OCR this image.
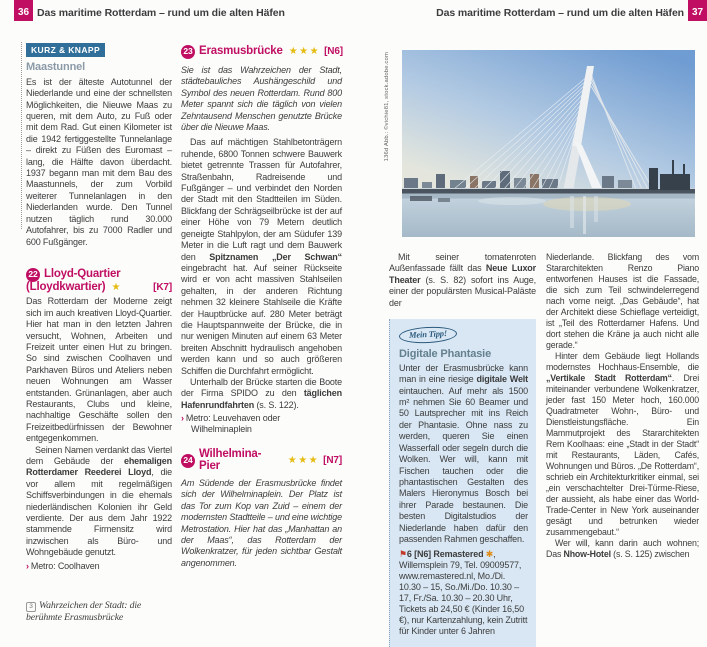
36 Das maritime Rotterdam – rund um die alten Häfen	Das maritime Rotterdam – rund um die alten Häfen 37
KURZ & KNAPP
Maastunnel

Es ist der älteste Autotunnel der Niederlande und eine der schnellsten Möglichkeiten, die Nieuwe Maas zu queren, mit dem Auto, zu Fuß oder mit dem Rad. Gut einen Kilometer ist die 1942 fertiggestellte Tunnelanlage – direkt zu Füßen des Euromast – lang, die Hälfte davon überdacht. 1937 begann man mit dem Bau des Maastunnels, der zum Vorbild weiterer Tunnelanlagen in den Niederlanden wurde. Den Tunnel nutzen täglich rund 30.000 Autofahrer, bis zu 7000 Radler und 600 Fußgänger.

22 Lloyd-Quartier
(Lloydkwartier) ★	[K7]

Das Rotterdam der Moderne zeigt sich im auch kreativen Lloyd-Quartier. Hier hat man in den letzten Jahren versucht, Wohnen, Arbeiten und Freizeit unter einen Hut zu bringen. So sind zwischen Coolhaven und Parkhaven Büros und Ateliers neben neuen Wohnungen am Wasser entstanden. Grünanlagen, aber auch Restaurants, Clubs und kleine, nachhaltige Geschäfte sollen den Freizeitbedürfnissen der Bewohner entgegenkommen.

Seinen Namen verdankt das Viertel dem Gebäude der ehemaligen Rotterdamer Reederei Lloyd, die vor allem mit regelmäßigen Schiffsverbindungen in die ehemals niederländischen Kolonien ihr Geld verdiente. Der aus dem Jahr 1922 stammende Firmensitz wird inzwischen als Büro- und Wohngebäude genutzt.

› Metro: Coolhaven

3 Wahrzeichen der Stadt: die berühmte Erasmusbrücke
23 Erasmusbrücke ★★★ [N6]

Sie ist das Wahrzeichen der Stadt, städtebauliches Aushängeschild und Symbol des neuen Rotterdam. Rund 800 Meter spannt sich die täglich von vielen Zehntausend Menschen genutzte Brücke über die Nieuwe Maas.

Das auf mächtigen Stahlbetonträgern ruhende, 6800 Tonnen schwere Bauwerk bietet getrennte Trassen für Autofahrer, Straßenbahn, Radreisende und Fußgänger – und verbindet den Norden der Stadt mit den Stadtteilen im Süden. Blickfang der Schrägseilbrücke ist der auf einer Höhe von 79 Metern deutlich geneigte Stahlpylon, der am Südufer 139 Meter in die Luft ragt und dem Bauwerk den Spitznamen „Der Schwan“ eingebracht hat. Auf seiner Rückseite wird er von acht massiven Stahlseilen gehalten, in der anderen Richtung nehmen 32 kleinere Stahlseile die Kräfte der Hauptbrücke auf. 280 Meter beträgt die Hauptspannweite der Brücke, die in nur wenigen Minuten auf einem 63 Meter breiten Abschnitt hydraulisch angehoben werden kann und so auch größeren Schiffen die Durchfahrt ermöglicht.

Unterhalb der Brücke starten die Boote der Firma SPIDO zu den täglichen Hafenrundfahrten (s. S. 122).

› Metro: Leuvehaven oder Wilhelminaplein

24 Wilhelmina-Pier	★★★ [N7]

Am Südende der Erasmusbrücke findet sich der Wilhelminaplein. Der Platz ist das Tor zum Kop van Zuid – einem der modernsten Stadtteile – und eine wichtige Metrostation. Hier hat das „Manhattan an der Maas“, das Rotterdam der Wolkenkratzer, für jeden sichtbar Gestalt angenommen.

136d Abb.: ©vichie81, stock.adobe.com

Mit seiner tomatenroten Außenfassade fällt das Neue Luxor Theater (s. S. 82) sofort ins Auge, einer der populärsten Musical-Paläste der

Mein Tipp!
Digitale Phantasie

Unter der Erasmusbrücke kann man in eine riesige digitale Welt eintauchen. Auf mehr als 1500 m² nehmen Sie 60 Beamer und 50 Lautsprecher mit ins Reich der Phantasie. Ohne nass zu werden, queren Sie einen Wasserfall oder segeln durch die Wolken. Wer will, kann mit Fischen tauchen oder die phantastischen Gestalten des Malers Hieronymus Bosch bei ihrer Parade bestaunen. Die besten Digitalstudios der Niederlande haben dafür den passenden Rahmen geschaffen.

⚑6 [N6] Remastered ✱, Willemsplein 79, Tel. 09009577, www.remastered.nl, Mo./Di. 10.30 – 15, So./Mi./Do. 10.30 – 17, Fr./Sa. 10.30 – 20.30 Uhr, Tickets ab 24,50 € (Kinder 16,50 €), nur Kartenzahlung, kein Zutritt für Kinder unter 6 Jahren

Niederlande. Blickfang des vom Stararchitekten Renzo Piano entworfenen Hauses ist die Fassade, die sich zum Teil schwindelerregend nach vorne neigt. „Das Gebäude“, hat der Architekt diese Schieflage verteidigt, ist „Teil des Rotterdamer Hafens. Und dort stehen die Kräne ja auch nicht alle gerade.“

Hinter dem Gebäude liegt Hollands modernstes Hochhaus-Ensemble, die „Vertikale Stadt Rotterdam“. Drei miteinander verbundene Wolkenkratzer, jeder fast 150 Meter hoch, 160.000 Quadratmeter Wohn-, Büro- und Dienstleistungsfläche. Ein Mammutprojekt des Stararchitekten Rem Koolhaas: eine „Stadt in der Stadt“ mit Restaurants, Läden, Cafés, Wohnungen und Büros. „De Rotterdam“, schrieb ein Architekturkritiker einmal, sei „ein verschachtelter Drei-Türme-Riese, der aussieht, als habe einer das World-Trade-Center in New York auseinander gesägt und betrunken wieder zusammengebaut.“

Wer will, kann darin auch wohnen; Das Nhow-Hotel (s. S. 125) zwischen
